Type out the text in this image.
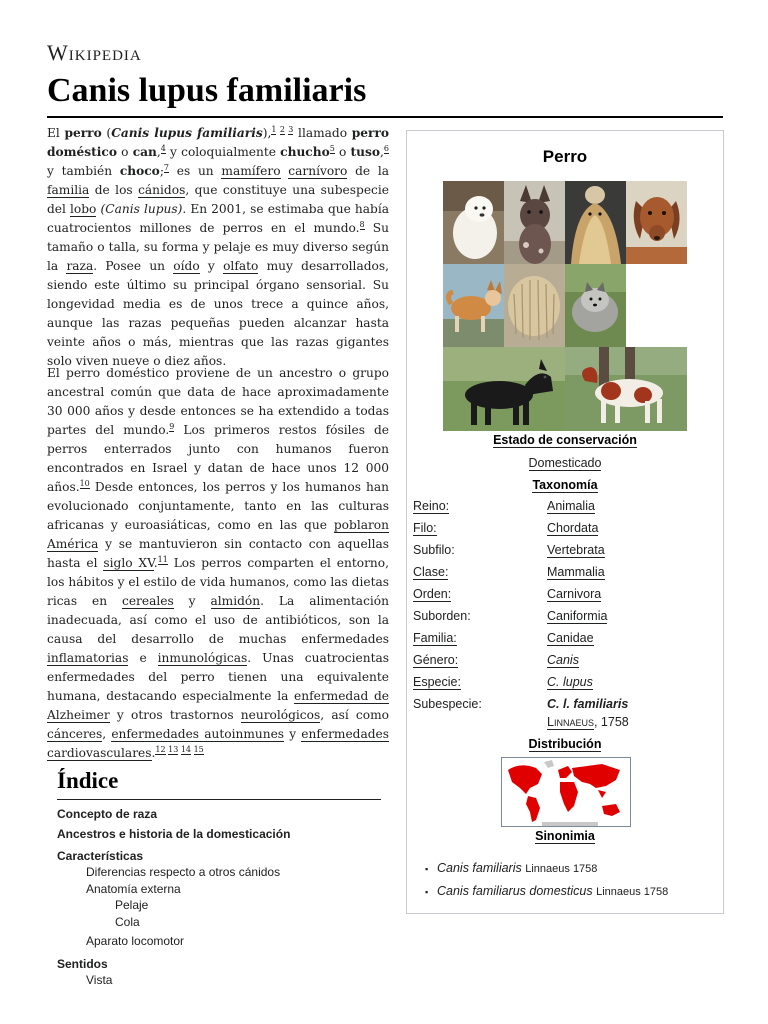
Wikipedia
Canis lupus familiaris

El perro (Canis lupus familiaris),$^{1 2 3}$ llamado perro doméstico o can,$^4$ y coloquialmente chucho$^5$ o tuso,$^6$ y también choco;$^7$ es un mamífero carnívoro de la familia de los cánidos, que constituye una subespecie del lobo (Canis lupus). En 2001, se estimaba que había cuatrocientos millones de perros en el mundo.$^8$ Su tamaño o talla, su forma y pelaje es muy diverso según la raza. Posee un oído y olfato muy desarrollados, siendo este último su principal órgano sensorial. Su longevidad media es de unos trece a quince años, aunque las razas pequeñas pueden alcanzar hasta veinte años o más, mientras que las razas gigantes solo viven nueve o diez años.

El perro doméstico proviene de un ancestro o grupo ancestral común que data de hace aproximadamente 30 000 años y desde entonces se ha extendido a todas partes del mundo.$^9$ Los primeros restos fósiles de perros enterrados junto con humanos fueron encontrados en Israel y datan de hace unos 12 000 años.$^{10}$ Desde entonces, los perros y los humanos han evolucionado conjuntamente, tanto en las culturas africanas y euroasiáticas, como en las que poblaron América y se mantuvieron sin contacto con aquellas hasta el siglo XV.$^{11}$ Los perros comparten el entorno, los hábitos y el estilo de vida humanos, como las dietas ricas en cereales y almidón. La alimentación inadecuada, así como el uso de antibióticos, son la causa del desarrollo de muchas enfermedades inflamatorias e inmunológicas. Unas cuatrocientas enfermedades del perro tienen una equivalente humana, destacando especialmente la enfermedad de Alzheimer y otros trastornos neurológicos, así como cánceres, enfermedades autoinmunes y enfermedades cardiovasculares.$^{12 13 14 15}$

Perro
Estado de conservación
Domesticado
Taxonomía
Reino:	Animalia
Filo:	Chordata
Subfilo:	Vertebrata
Clase:	Mammalia
Orden:	Carnivora
Suborden:	Caniformia
Familia:	Canidae
Género:	Canis
Especie:	C. lupus
Subespecie:	C. l. familiaris
Linnaeus, 1758
Distribución
Sinonimia
▪ Canis familiaris Linnaeus 1758
▪ Canis familiarus domesticus Linnaeus 1758
Índice
Concepto de raza
Ancestros e historia de la domesticación
Características
Diferencias respecto a otros cánidos
Anatomía externa
Pelaje
Cola
Aparato locomotor
Sentidos
Vista
